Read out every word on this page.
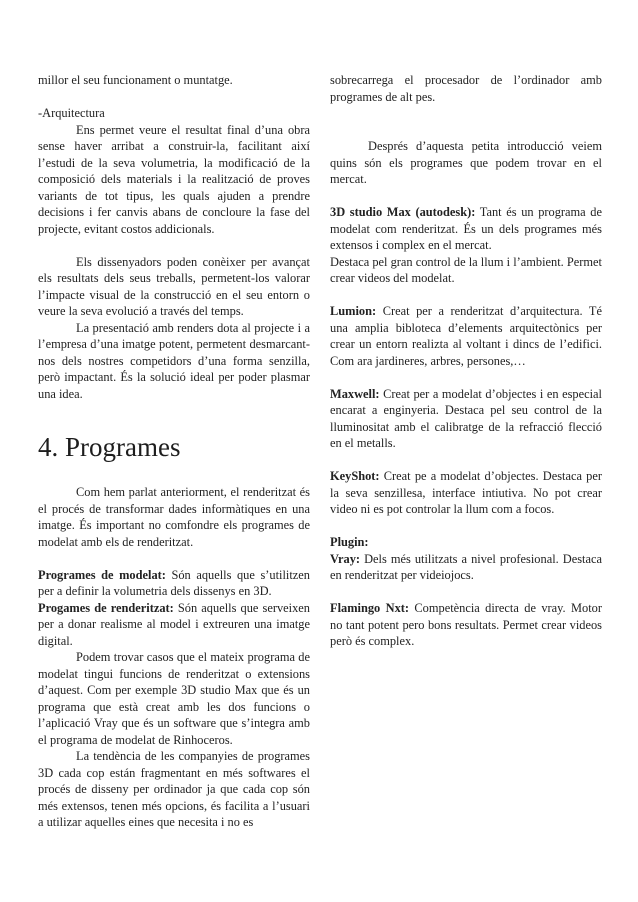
millor el seu funcionament o muntatge.

-Arquitectura

Ens permet veure el resultat final d’una obra sense haver arribat a construir-la, facilitant així l’estudi de la seva volumetria, la modificació de la composició dels materials i la realització de proves variants de tot tipus, les quals ajuden a prendre decisions i fer canvis abans de concloure la fase del projecte, evitant costos addicionals.

Els dissenyadors poden conèixer per avançat els resultats dels seus treballs, permetent-los valorar l’impacte visual de la construcció en el seu entorn o veure la seva evolució a través del temps.

La presentació amb renders dota al projecte i a l’empresa d’una imatge potent, permetent desmarcant-nos dels nostres competidors d’una forma senzilla, però impactant. És la solució ideal per poder plasmar una idea.

4. Programes

Com hem parlat anteriorment, el renderitzat és el procés de transformar dades informàtiques en una imatge. És important no comfondre els programes de modelat amb els de renderitzat.

Programes de modelat: Són aquells que s’utilitzen per a definir la volumetria dels dissenys en 3D.

Progames de renderitzat: Són aquells que serveixen per a donar realisme al model i extreuren una imatge digital.

Podem trovar casos que el mateix programa de modelat tingui funcions de renderitzat o extensions d’aquest. Com per exemple 3D studio Max que és un programa que està creat amb les dos funcions o l’aplicació Vray que és un software que s’integra amb el programa de modelat de Rinhoceros.

La tendència de les companyies de programes 3D cada cop están fragmentant en més softwares el procés de disseny per ordinador ja que cada cop són més extensos, tenen més opcions, és facilita a l’usuari a utilizar aquelles eines que necesita i no es

sobrecarrega el procesador de l’ordinador amb programes de alt pes.

Després d’aquesta petita introducció veiem quins són els programes que podem trovar en el mercat.

3D studio Max (autodesk): Tant és un programa de modelat com renderitzat. És un dels programes més extensos i complex en el mercat.

Destaca pel gran control de la llum i l’ambient. Permet crear videos del modelat.

Lumion: Creat per a renderitzat d’arquitectura. Té una amplia bibloteca d’elements arquitectònics per crear un entorn realizta al voltant i dincs de l’edifici. Com ara jardineres, arbres, persones,…

Maxwell: Creat per a modelat d’objectes i en especial encarat a enginyeria. Destaca pel seu control de la lluminositat amb el calibratge de la refracció flecció en el metalls.

KeyShot: Creat pe a modelat d’objectes. Destaca per la seva senzillesa, interface intiutiva. No pot crear video ni es pot controlar la llum com a focos.

Plugin:

Vray: Dels més utilitzats a nivel profesional. Destaca en renderitzat per videiojocs.

Flamingo Nxt: Competència directa de vray. Motor no tant potent pero bons resultats. Permet crear videos però és complex.
